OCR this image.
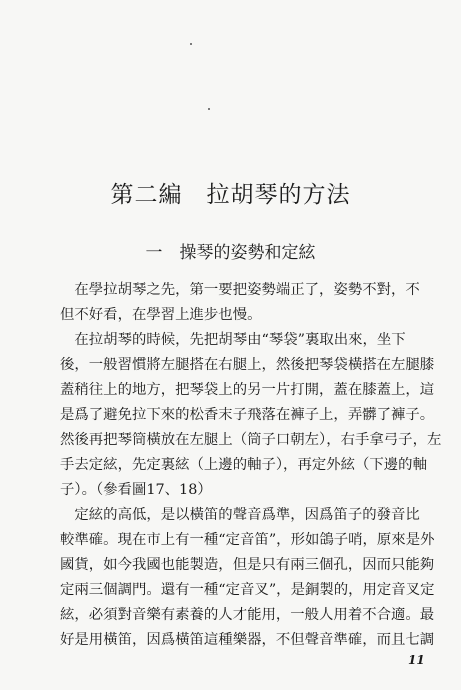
第二編　拉胡琴的方法
一　操琴的姿勢和定絃
　在學拉胡琴之先，第一要把姿勢端正了，姿勢不對，不
但不好看，在學習上進步也慢。
　在拉胡琴的時候，先把胡琴由“琴袋”裏取出來，坐下
後，一般習慣將左腿搭在右腿上，然後把琴袋橫搭在左腿膝
蓋稍往上的地方，把琴袋上的另一片打開，蓋在膝蓋上，這
是爲了避免拉下來的松香末子飛落在褲子上，弄髒了褲子。
然後再把琴筒橫放在左腿上（筒子口朝左），右手拿弓子，左
手去定絃，先定裏絃（上邊的軸子），再定外絃（下邊的軸
子）。（參看圖17、18）
　定絃的高低，是以橫笛的聲音爲準，因爲笛子的發音比
較準確。現在市上有一種“定音笛”，形如鴿子哨，原來是外
國貨，如今我國也能製造，但是只有兩三個孔，因而只能夠
定兩三個調門。還有一種“定音叉”，是銅製的，用定音叉定
絃，必須對音樂有素養的人才能用，一般人用着不合適。最
好是用橫笛，因爲橫笛這種樂器，不但聲音準確，而且七調
11
